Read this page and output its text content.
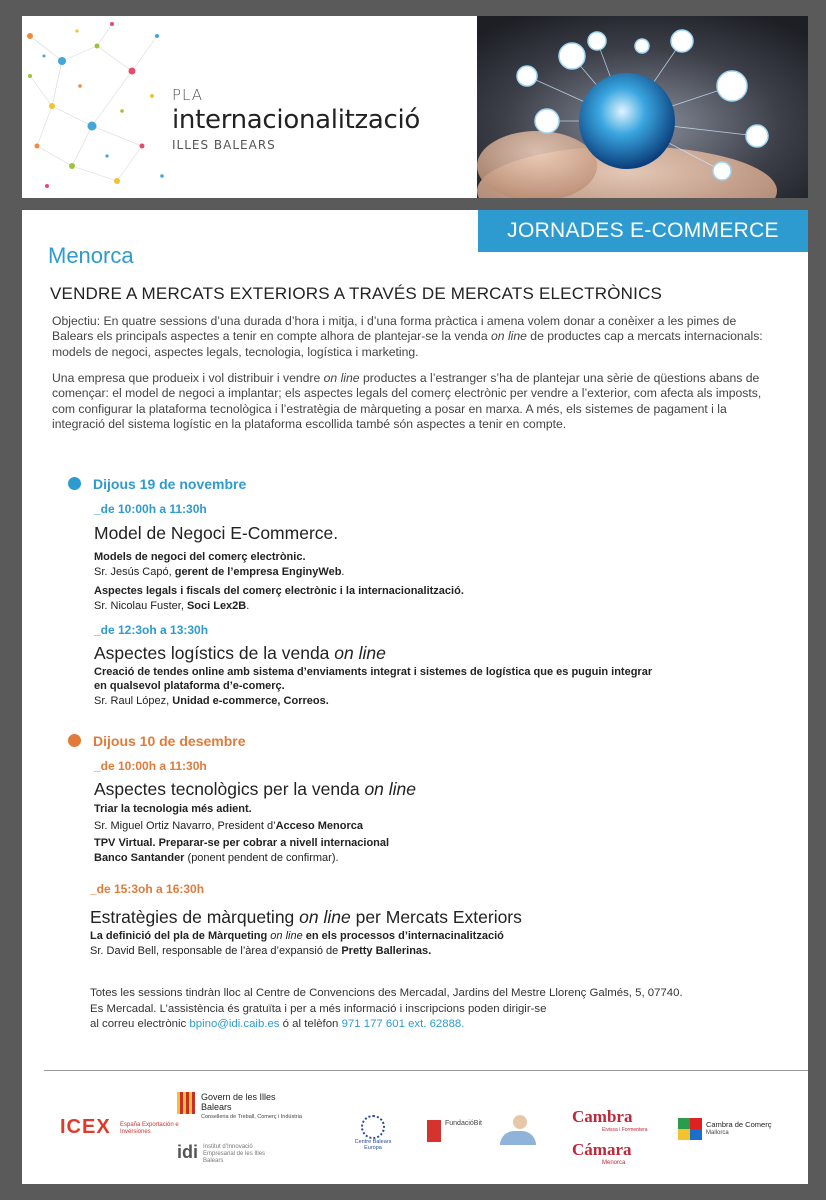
PLA
internacionalització
ILLES BALEARS
JORNADES E-COMMERCE
Menorca
VENDRE A MERCATS EXTERIORS A TRAVÉS DE MERCATS ELECTRÒNICS
Objectiu: En quatre sessions d’una durada d’hora i mitja, i d’una forma pràctica i amena volem donar a conèixer a les pimes de Balears els principals aspectes a tenir en compte alhora de plantejar-se la venda on line de productes cap a mercats internacionals: models de negoci, aspectes legals, tecnologia, logística i marketing.
Una empresa que produeix i vol distribuir i vendre on line productes a l’estranger s’ha de plantejar una sèrie de qüestions abans de començar: el model de negoci a implantar; els aspectes legals del comerç electrònic per vendre a l’exterior, com afecta als imposts, com configurar la plataforma tecnològica i l’estratègia de màrqueting a posar en marxa. A més, els sistemes de pagament i la integració del sistema logístic en la plataforma escollida també són aspectes a tenir en compte.
Dijous 19 de novembre
_de 10:00h a 11:30h
Model de Negoci E-Commerce.
Models de negoci del comerç electrònic.
Sr. Jesús Capó, gerent de l’empresa EnginyWeb.
Aspectes legals i fiscals del comerç electrònic i la internacionalització.
Sr. Nicolau Fuster, Soci Lex2B.
_de 12:3oh a 13:30h
Aspectes logístics de la venda on line
Creació de tendes online amb sistema d’enviaments integrat i sistemes de logística que es puguin integrar
en qualsevol plataforma d’e-comerç.
Sr. Raul López, Unidad e-commerce, Correos.
Dijous 10 de desembre
_de 10:00h a 11:30h
Aspectes tecnològics per la venda on line
Triar la tecnologia més adient.
Sr. Miguel Ortiz Navarro, President d’Acceso Menorca
TPV Virtual. Preparar-se per cobrar a nivell internacional
Banco Santander (ponent pendent de confirmar).
_de 15:3oh a 16:30h
Estratègies de màrqueting on line per Mercats Exteriors
La definició del pla de Màrqueting on line en els processos d’internacinalització
Sr. David Bell, responsable de l’àrea d’expansió de Pretty Ballerinas.
Totes les sessions tindràn lloc al Centre de Convencions des Mercadal, Jardins del Mestre Llorenç Galmés, 5, 07740.
Es Mercadal. L’assistència és gratuïta i per a més informació i inscripcions poden dirigir-se
al correu electrònic bpino@idi.caib.es ó al telèfon 971 177 601 ext. 62888.
ICEX España Exportación e Inversiones
Govern de les Illes Balears
Conselleria de Treball, Comerç i Indústria
idi Institut d’Innovació Empresarial de les Illes Balears
Centre Balears Europa
FundacióBit	Cambra
Eivissa i Formentera
Cámara
Menorca
Cambra de Comerç
Mallorca
